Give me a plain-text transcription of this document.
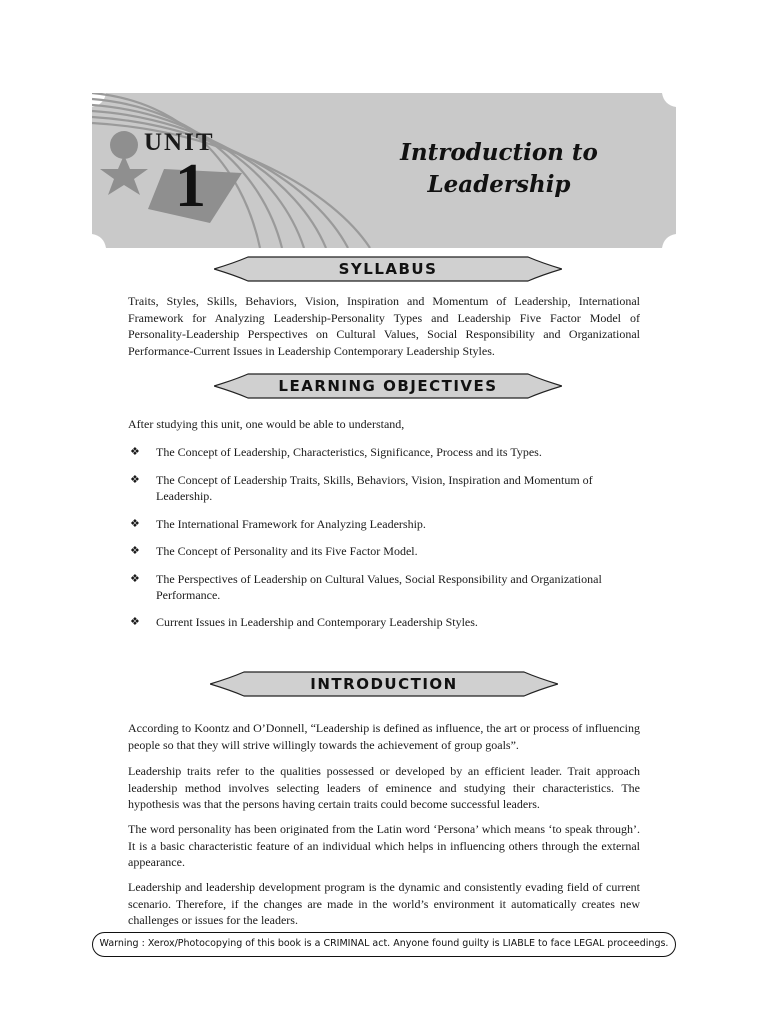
UNIT
1	Introduction to
Leadership
SYLLABUS

Traits, Styles, Skills, Behaviors, Vision, Inspiration and Momentum of Leadership, International Framework for Analyzing Leadership-Personality Types and Leadership Five Factor Model of Personality-Leadership Perspectives on Cultural Values, Social Responsibility and Organizational Performance-Current Issues in Leadership Contemporary Leadership Styles.

LEARNING OBJECTIVES

After studying this unit, one would be able to understand,

❖ The Concept of Leadership, Characteristics, Significance, Process and its Types.
❖ The Concept of Leadership Traits, Skills, Behaviors, Vision, Inspiration and Momentum of Leadership.
❖ The International Framework for Analyzing Leadership.
❖ The Concept of Personality and its Five Factor Model.
❖ The Perspectives of Leadership on Cultural Values, Social Responsibility and Organizational Performance.
❖ Current Issues in Leadership and Contemporary Leadership Styles.
INTRODUCTION

According to Koontz and O’Donnell, “Leadership is defined as influence, the art or process of influencing people so that they will strive willingly towards the achievement of group goals”.

Leadership traits refer to the qualities possessed or developed by an efficient leader. Trait approach leadership method involves selecting leaders of eminence and studying their characteristics. The hypothesis was that the persons having certain traits could become successful leaders.

The word personality has been originated from the Latin word ‘Persona’ which means ‘to speak through’. It is a basic characteristic feature of an individual which helps in influencing others through the external appearance.

Leadership and leadership development program is the dynamic and consistently evading field of current scenario. Therefore, if the changes are made in the world’s environment it automatically creates new challenges or issues for the leaders.

Warning : Xerox/Photocopying of this book is a CRIMINAL act. Anyone found guilty is LIABLE to face LEGAL proceedings.
